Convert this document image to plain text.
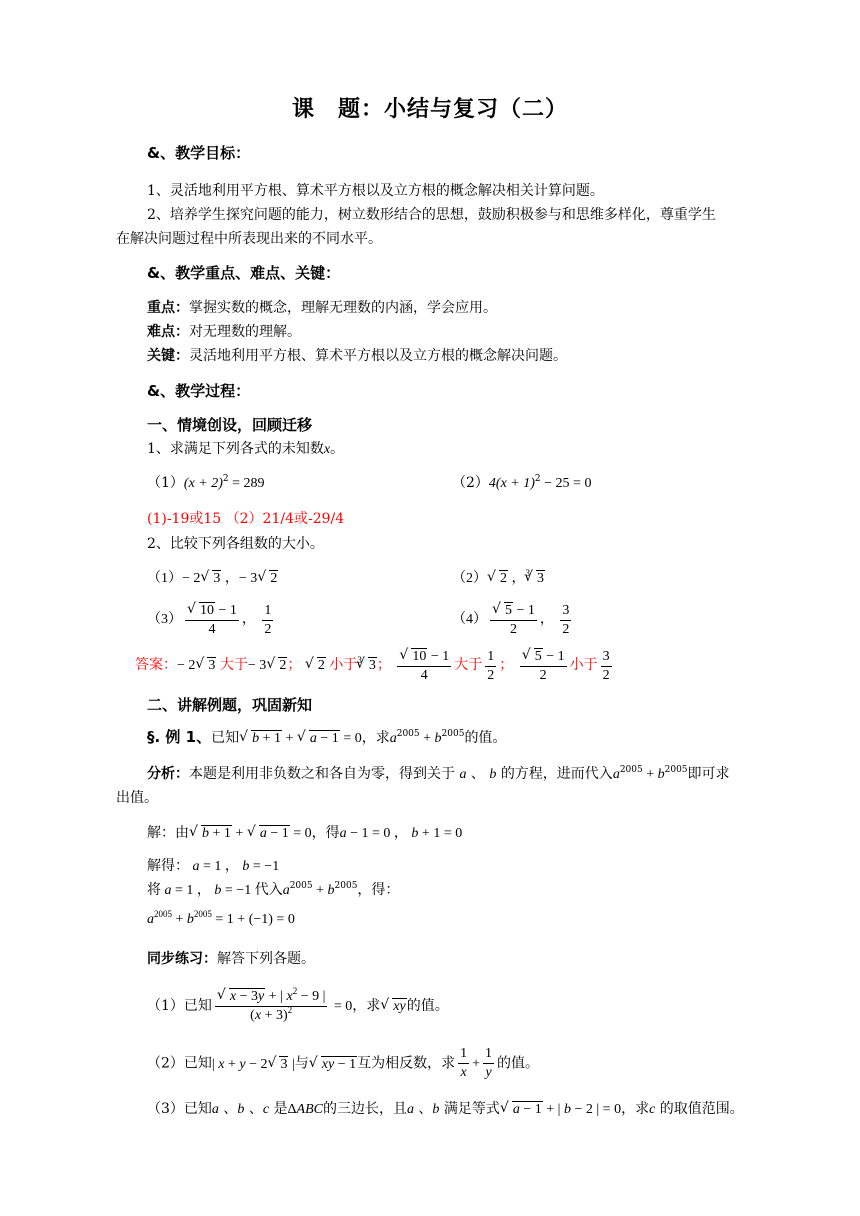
课　题：小结与复习（二）
&、教学目标：
1、灵活地利用平方根、算术平方根以及立方根的概念解决相关计算问题。
2、培养学生探究问题的能力，树立数形结合的思想，鼓励积极参与和思维多样化，尊重学生
在解决问题过程中所表现出来的不同水平。
&、教学重点、难点、关键：
重点：掌握实数的概念，理解无理数的内涵，学会应用。
难点：对无理数的理解。
关键：灵活地利用平方根、算术平方根以及立方根的概念解决问题。
&、教学过程：
一、情境创设，回顾迁移
1、求满足下列各式的未知数x。
$(1)(x + 2)^2 = 289$	$(2)4(x + 1)^2 - 25 = 0$
(1)-19或15 （2）21/4或-29/4
2、比较下列各组数的大小。
（1）− 2 √ 3 ，− 3 √ 2	（2） √ 2 ，$^3$ √ 3
（3） √ $\frac{10 - 1}{4}$ ， $\frac{1}{2}$	（4） √ $\frac{5 - 1}{2}$ ， $\frac{3}{2}$
答案：− 2 √ 3 大于− 3 √ 2； √ 2 小于$^3$ √ 3； √ $\frac{10 - 1}{4}$ 大于 $\frac{1}{2}$ ； √ $\frac{5 - 1}{2}$ 小于 $\frac{3}{2}$
二、讲解例题，巩固新知
§. 例 1、已知 √ b + 1 + √ a − 1 = 0，求$a^{2005} + b^{2005}$的值。
分析：本题是利用非负数之和各自为零，得到关于 a 、 b 的方程，进而代入$a^{2005} + b^{2005}$即可求
出值。
解：由 √ b + 1 + √ a − 1 = 0，得a − 1 = 0 ， b + 1 = 0
解得： a = 1 ， b = −1
将 a = 1 ， b = −1 代入$a^{2005} + b^{2005}$，得：
$a^{2005} + b^{2005} = 1 + (-1) = 0$
同步练习：解答下列各题。
（1）已知 √ $\frac{x - 3y + | x^2 - 9 |}{(x + 3)^2} = 0$，求 √ xy的值。
（2）已知| x + y − 2 √ 3 |与 √ xy − 1互为相反数，求 $\frac{1}{x} + \frac{1}{y}$ 的值。
（3）已知a 、b 、c 是ΔABC的三边长，且a 、b 满足等式 √ a − 1 + | b − 2 | = 0，求c 的取值范围。
